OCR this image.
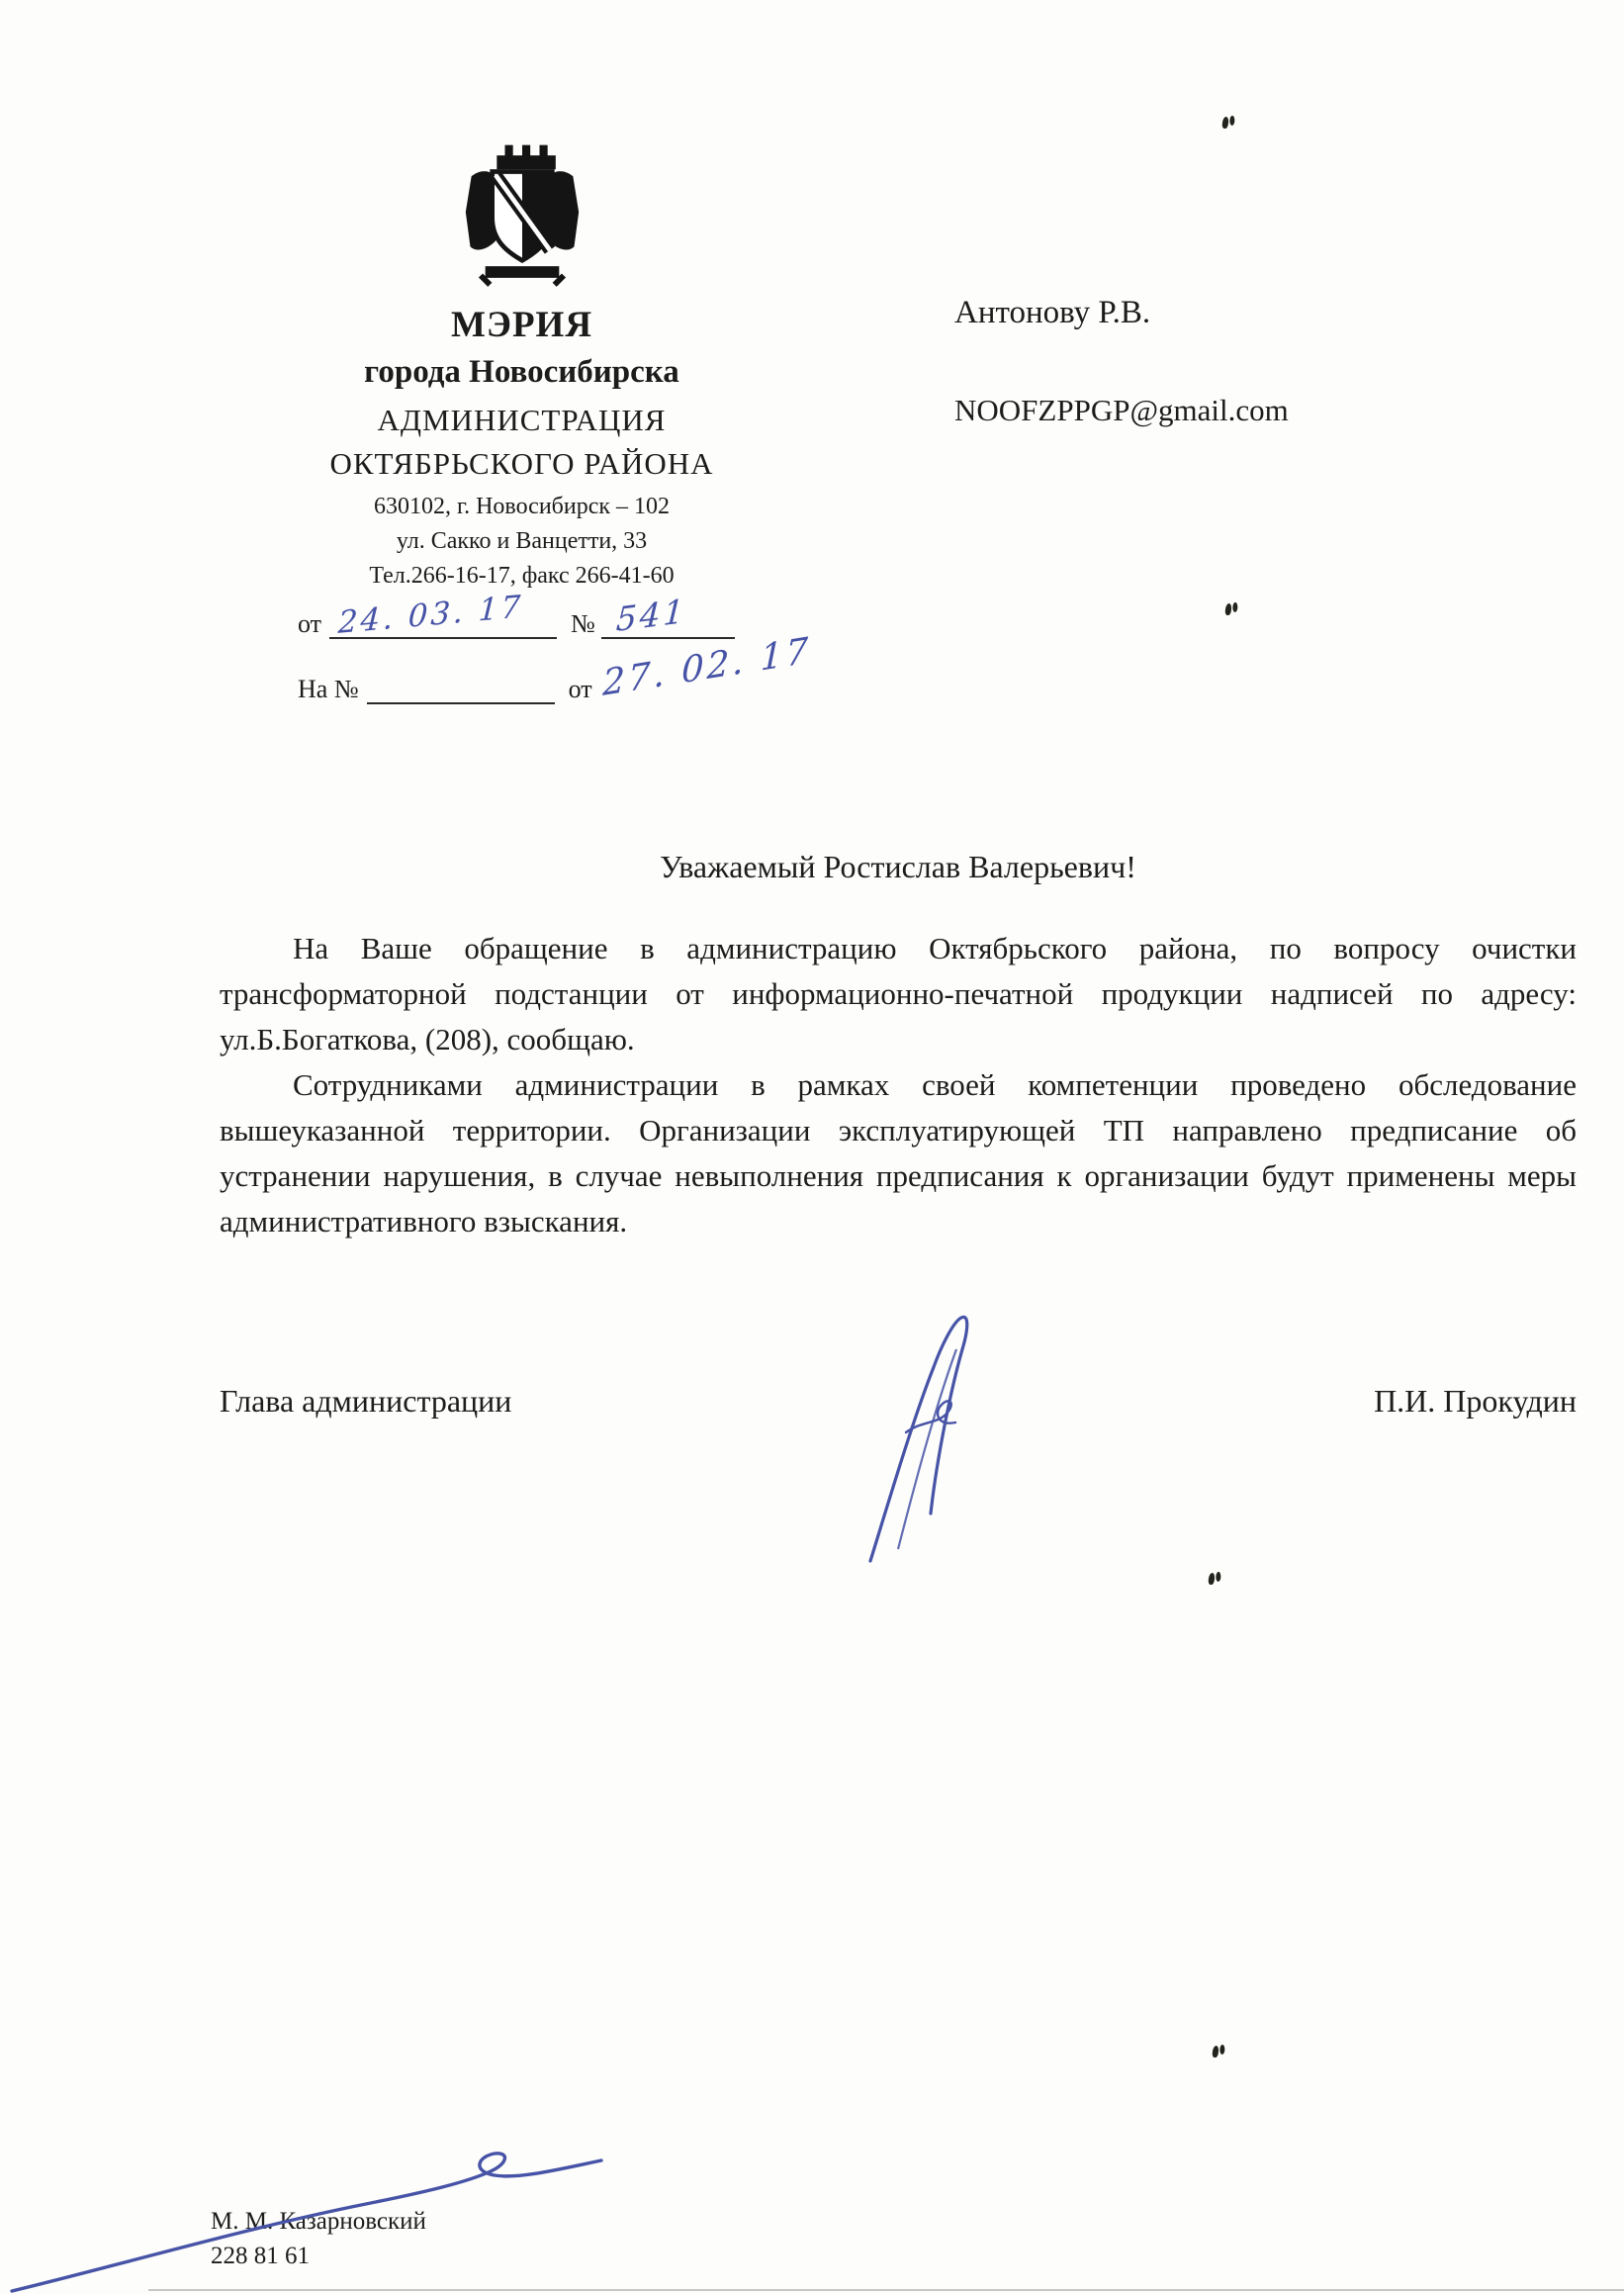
МЭРИЯ
города Новосибирска
АДМИНИСТРАЦИЯ
ОКТЯБРЬСКОГО РАЙОНА
630102, г. Новосибирск – 102
ул. Сакко и Ванцетти, 33
Тел.266-16-17, факс 266-41-60
от 24. 03. 17	№ 541
На №	от 27. 02. 17
Антонову Р.В.
NOOFZPPGP@gmail.com
Уважаемый Ростислав Валерьевич!

На Ваше обращение в администрацию Октябрьского района, по вопросу очистки трансформаторной подстанции от информационно-печатной продукции надписей по адресу: ул.Б.Богаткова, (208), сообщаю.

Сотрудниками администрации в рамках своей компетенции проведено обследование вышеуказанной территории. Организации эксплуатирующей ТП направлено предписание об устранении нарушения, в случае невыполнения предписания к организации будут применены меры административного взыскания.

Глава администрации	П.И. Прокудин
М. М. Казарновский
228 81 61
